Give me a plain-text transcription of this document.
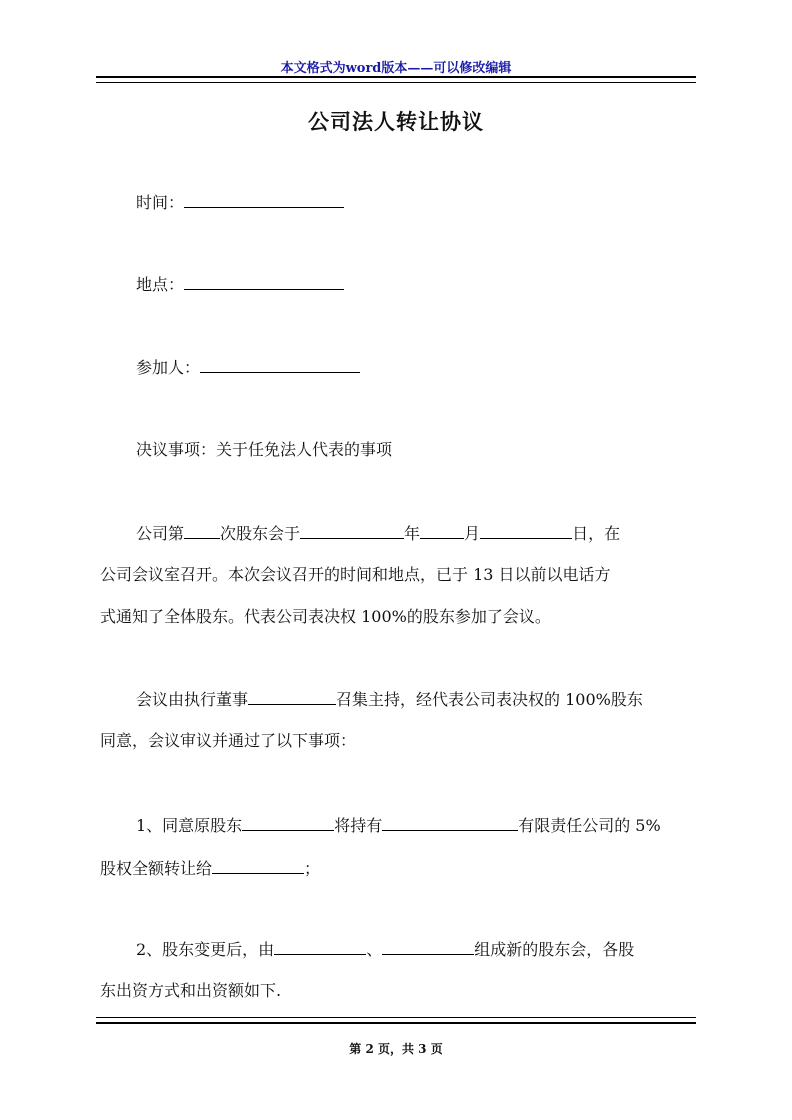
本文格式为word版本——可以修改编辑
公司法人转让协议
时间：
地点：
参加人：
决议事项：关于任免法人代表的事项
公司第 次股东会于	年	月	日，在
公司会议室召开。本次会议召开的时间和地点，已于 13 日以前以电话方
式通知了全体股东。代表公司表决权 100%的股东参加了会议。
会议由执行董事	召集主持，经代表公司表决权的 100%股东
同意，会议审议并通过了以下事项：
1、同意原股东	将持有	有限责任公司的 5%
股权全额转让给	；
2、股东变更后，由	、	组成新的股东会，各股
东出资方式和出资额如下.
第 2 页，共 3 页
